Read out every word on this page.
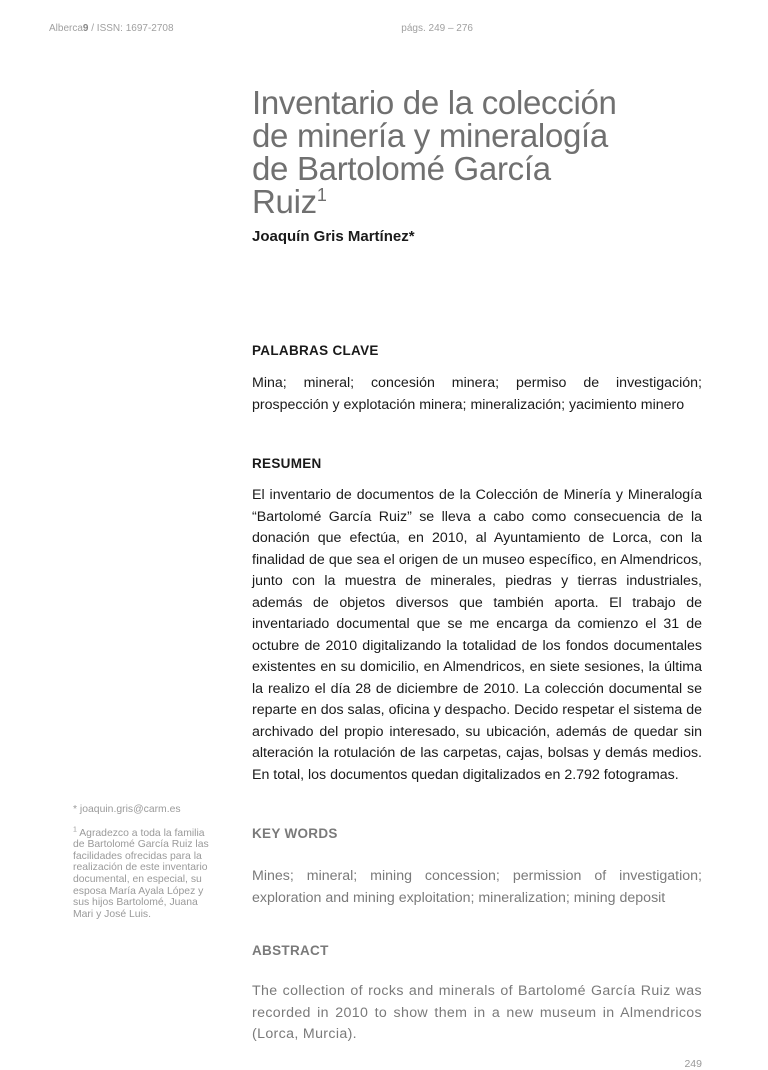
Alberca9 / ISSN: 1697-2708	págs. 249 – 276
Inventario de la colección de minería y mineralogía de Bartolomé García Ruiz$^1$
Joaquín Gris Martínez*
PALABRAS CLAVE

Mina; mineral; concesión minera; permiso de investigación; prospección y explotación minera; mineralización; yacimiento minero

RESUMEN

El inventario de documentos de la Colección de Minería y Mineralogía “Bartolomé García Ruiz” se lleva a cabo como consecuencia de la donación que efectúa, en 2010, al Ayuntamiento de Lorca, con la finalidad de que sea el origen de un museo específico, en Almendricos, junto con la muestra de minerales, piedras y tierras industriales, además de objetos diversos que también aporta. El trabajo de inventariado documental que se me encarga da comienzo el 31 de octubre de 2010 digitalizando la totalidad de los fondos documentales existentes en su domicilio, en Almendricos, en siete sesiones, la última la realizo el día 28 de diciembre de 2010. La colección documental se reparte en dos salas, oficina y despacho. Decido respetar el sistema de archivado del propio interesado, su ubicación, además de quedar sin alteración la rotulación de las carpetas, cajas, bolsas y demás medios. En total, los documentos quedan digitalizados en 2.792 fotogramas.

KEY WORDS

Mines; mineral; mining concession; permission of investigation; exploration and mining exploitation; mineralization; mining deposit

ABSTRACT

The collection of rocks and minerals of Bartolomé García Ruiz was recorded in 2010 to show them in a new museum in Almendricos (Lorca, Murcia).

* joaquin.gris@carm.es
$^1$ Agradezco a toda la familia de Bartolomé García Ruiz las facilidades ofrecidas para la realización de este inventario documental, en especial, su esposa María Ayala López y sus hijos Bartolomé, Juana Mari y José Luis.
249
